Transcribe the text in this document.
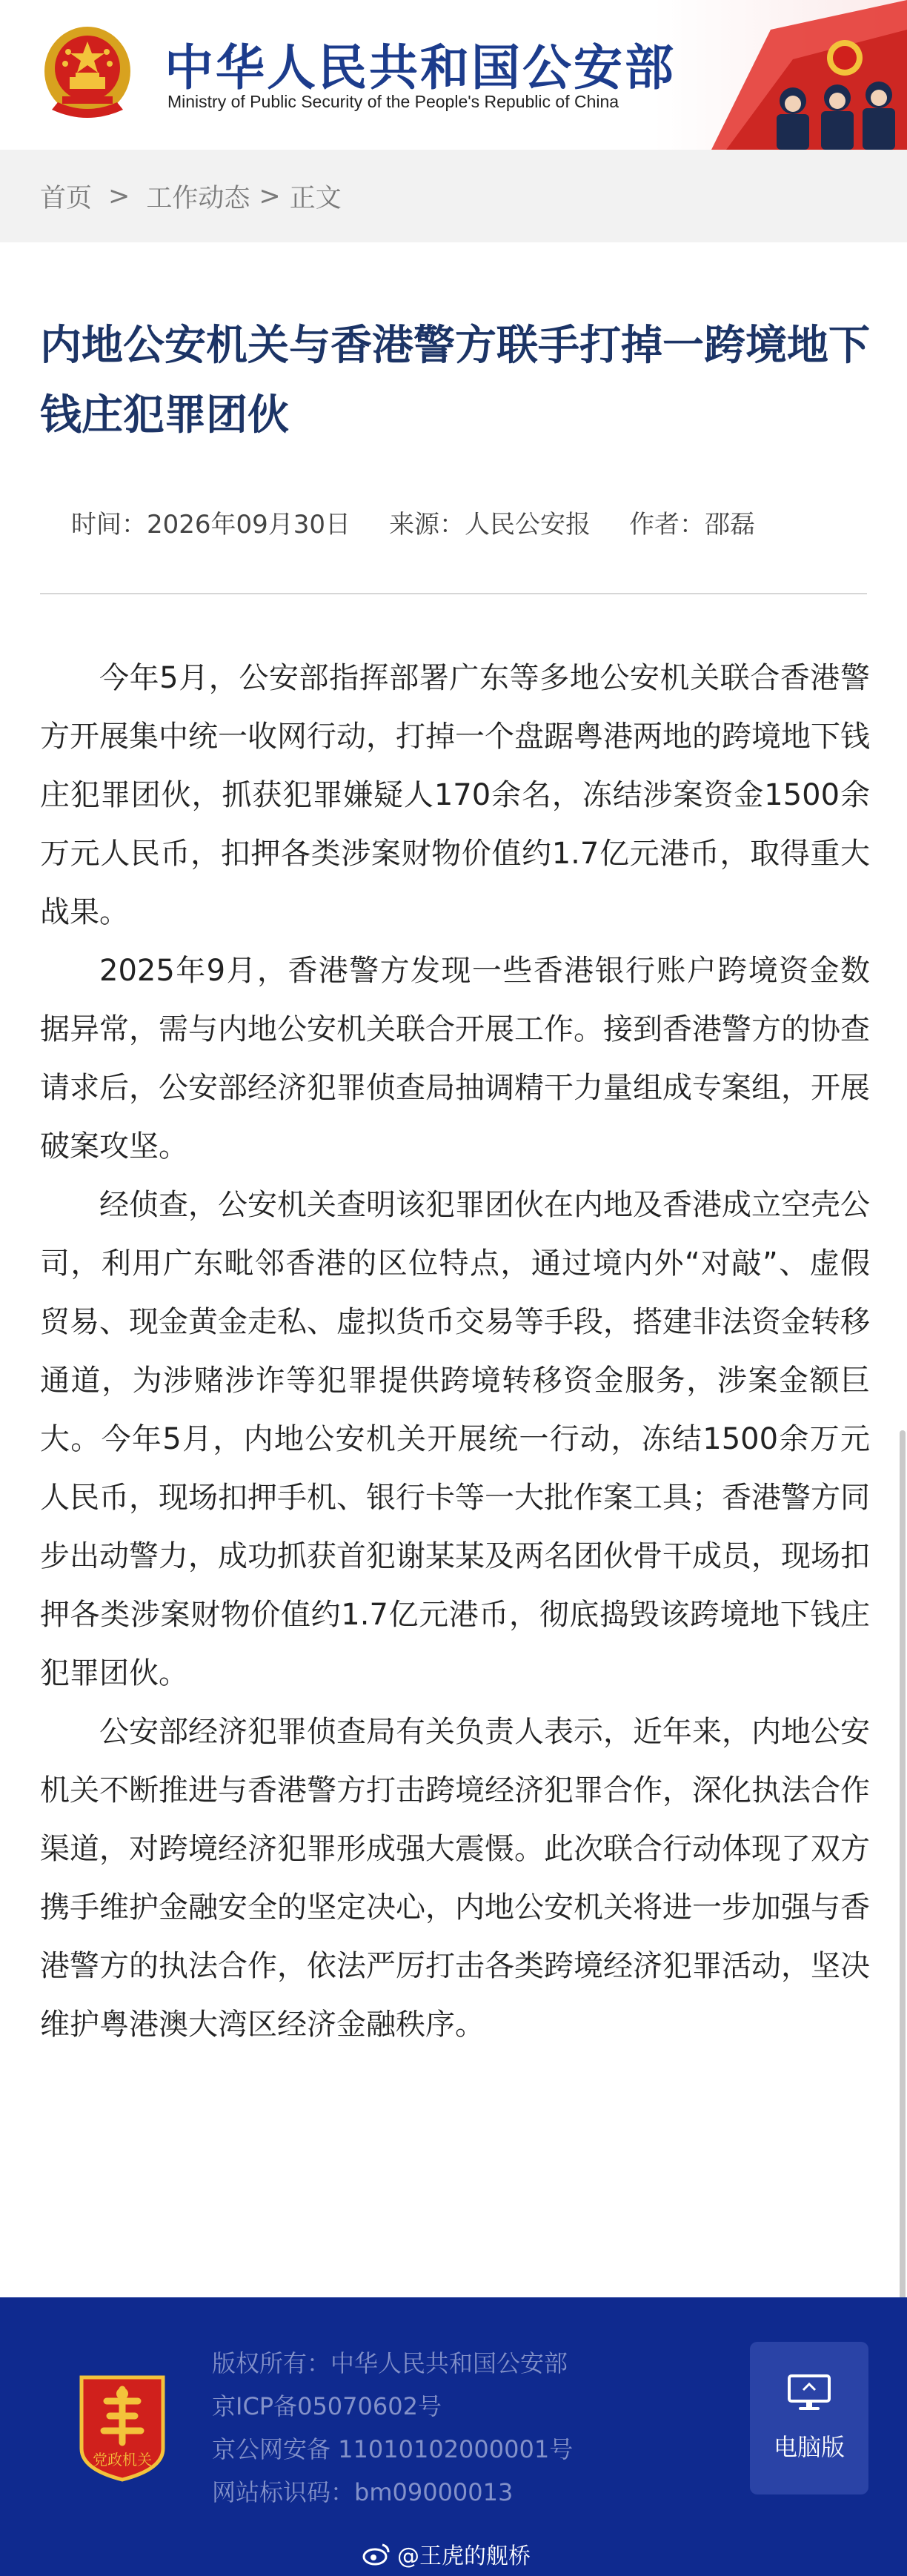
中华人民共和国公安部
Ministry of Public Security of the People's Republic of China
首页 > 工作动态 > 正文
内地公安机关与香港警方联手打掉一跨境地下钱庄犯罪团伙
时间：2026年09月30日 来源：人民公安报 作者：邵磊

今年5月，公安部指挥部署广东等多地公安机关联合香港警方开展集中统一收网行动，打掉一个盘踞粤港两地的跨境地下钱庄犯罪团伙，抓获犯罪嫌疑人170余名，冻结涉案资金1500余万元人民币，扣押各类涉案财物价值约1.7亿元港币，取得重大战果。

2025年9月，香港警方发现一些香港银行账户跨境资金数据异常，需与内地公安机关联合开展工作。接到香港警方的协查请求后，公安部经济犯罪侦查局抽调精干力量组成专案组，开展破案攻坚。

经侦查，公安机关查明该犯罪团伙在内地及香港成立空壳公司，利用广东毗邻香港的区位特点，通过境内外“对敲”、虚假贸易、现金黄金走私、虚拟货币交易等手段，搭建非法资金转移通道，为涉赌涉诈等犯罪提供跨境转移资金服务，涉案金额巨大。今年5月，内地公安机关开展统一行动，冻结1500余万元人民币，现场扣押手机、银行卡等一大批作案工具；香港警方同步出动警力，成功抓获首犯谢某某及两名团伙骨干成员，现场扣押各类涉案财物价值约1.7亿元港币，彻底捣毁该跨境地下钱庄犯罪团伙。

公安部经济犯罪侦查局有关负责人表示，近年来，内地公安机关不断推进与香港警方打击跨境经济犯罪合作，深化执法合作渠道，对跨境经济犯罪形成强大震慑。此次联合行动体现了双方携手维护金融安全的坚定决心，内地公安机关将进一步加强与香港警方的执法合作，依法严厉打击各类跨境经济犯罪活动，坚决维护粤港澳大湾区经济金融秩序。

党政机关
版权所有：中华人民共和国公安部
京ICP备05070602号
京公网安备 11010102000001号
网站标识码：bm09000013
电脑版
@王虎的舰桥
